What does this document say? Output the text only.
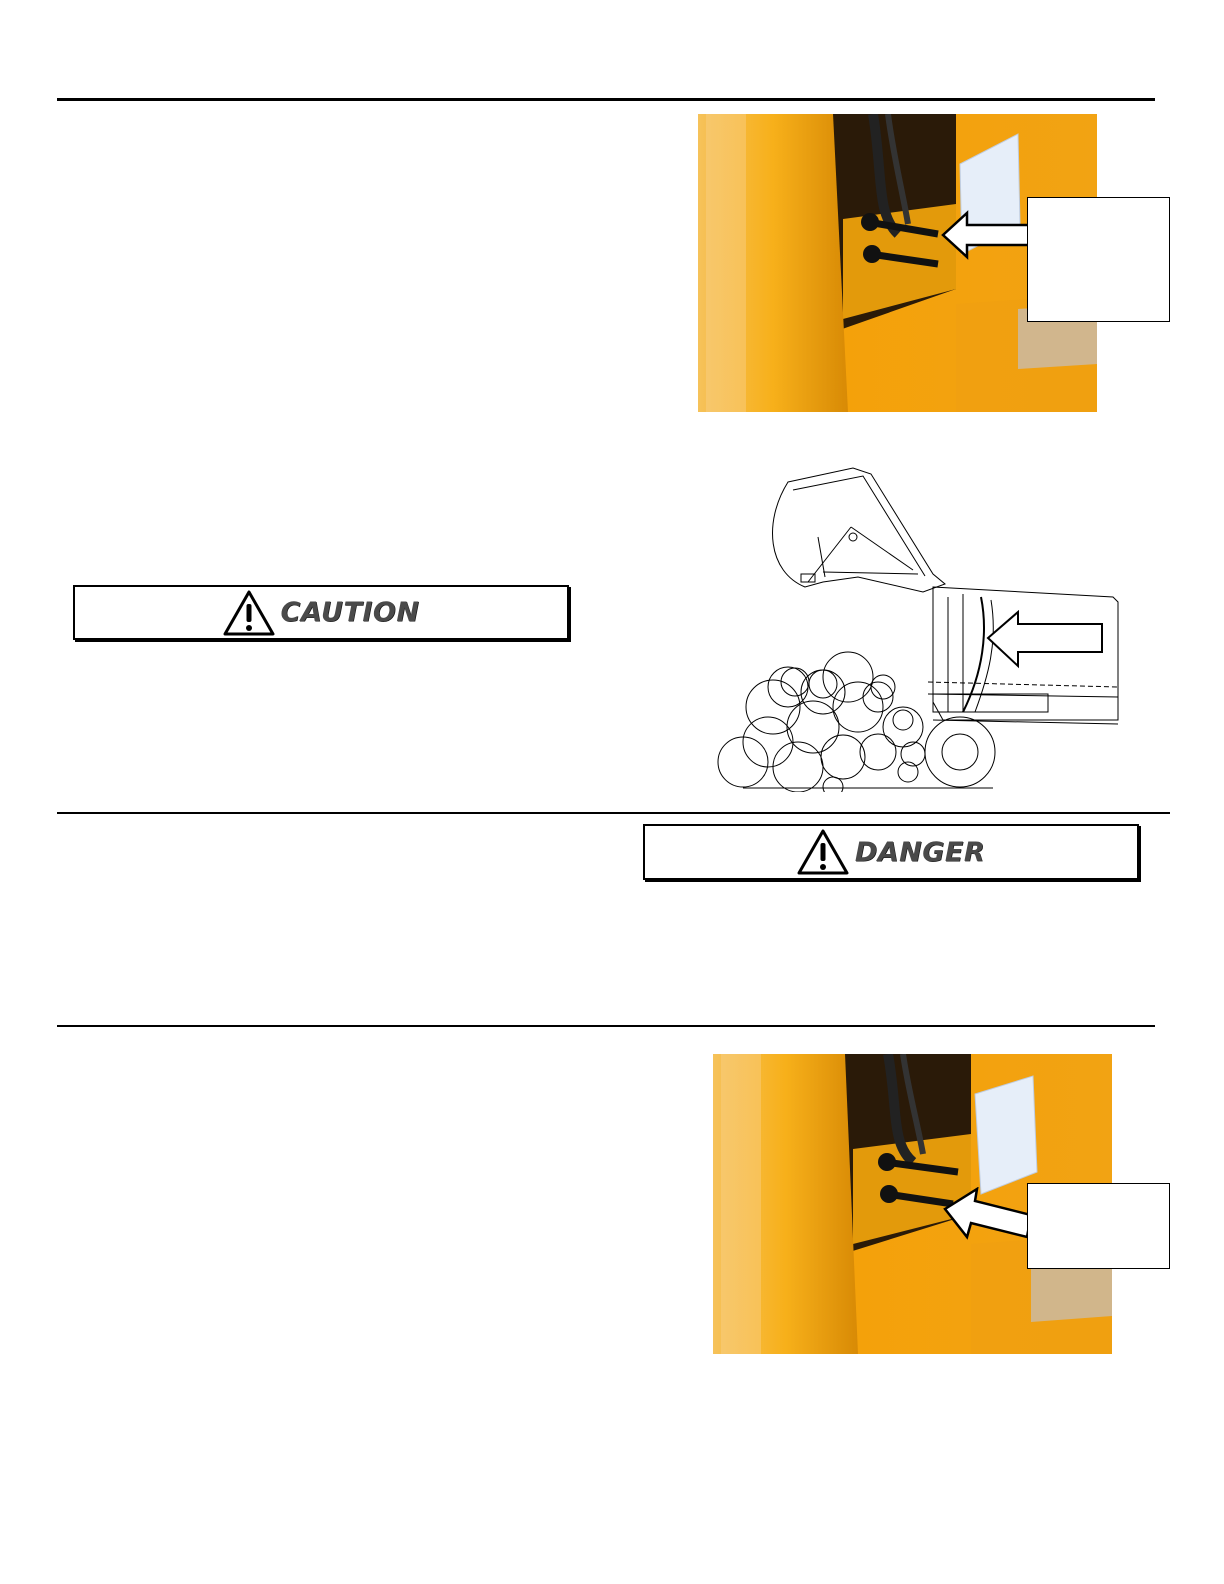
CAUTION
DANGER
